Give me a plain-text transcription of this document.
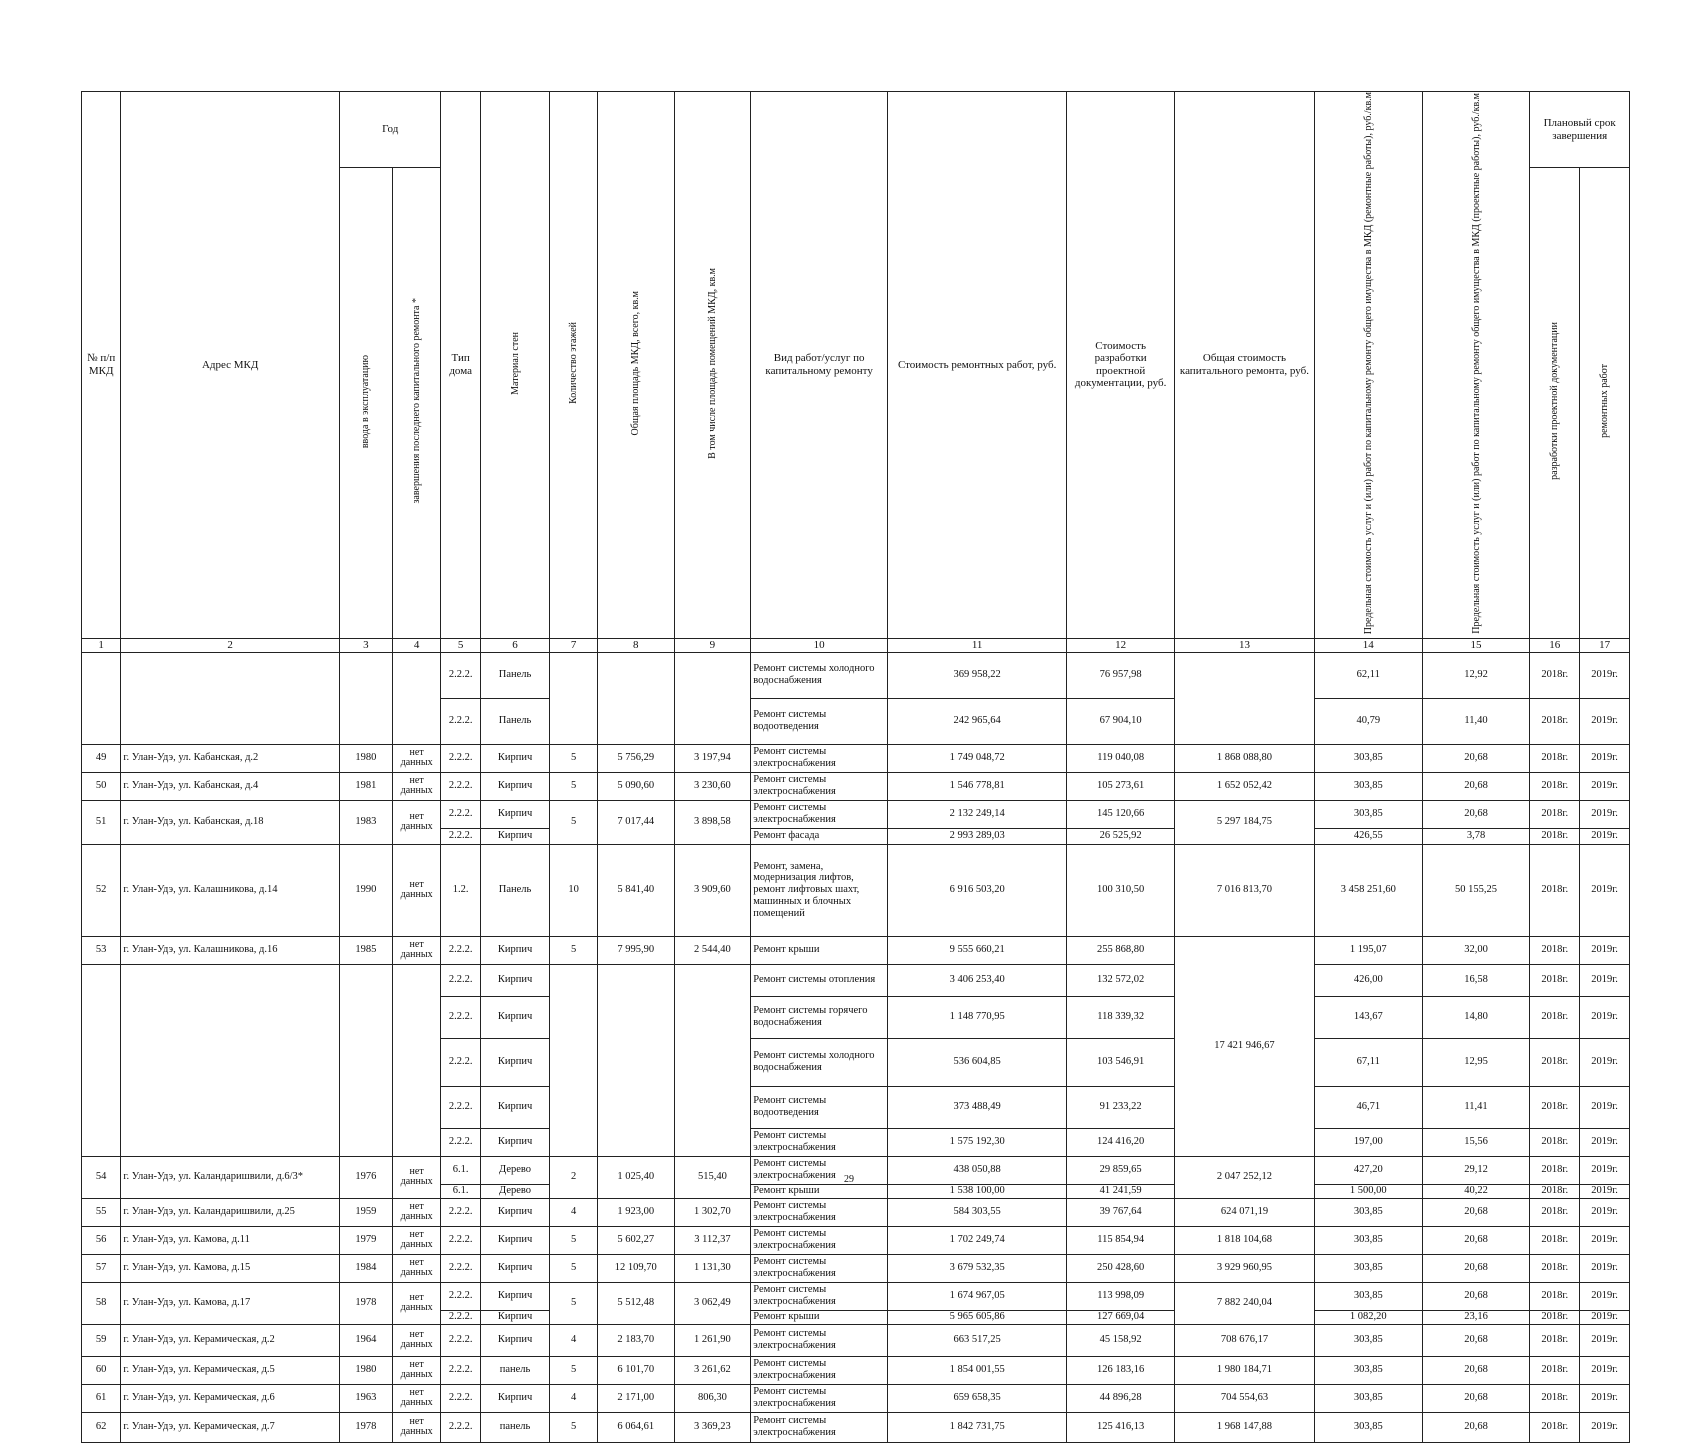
№ п/п МКД	Адрес МКД	Год		Тип дома	Материал стен	Количество этажей	Общая площадь МКД, всего, кв.м	В том числе площадь помещений МКД, кв.м	Вид работ/услуг по капитальному ремонту	Стоимость ремонтных работ, руб.	Стоимость разработки проектной документации, руб.	Общая стоимость капитального ремонта, руб.	Предельная стоимость услуг и (или) работ по капитальному ремонту общего имущества в МКД (ремонтные работы), руб./кв.м	Предельная стоимость услуг и (или) работ по капитальному ремонту общего имущества в МКД (проектные работы), руб./кв.м	Плановый срок завершения	
		ввода в эксплуатацию	завершения последнего капитального ремонта *												разработки проектной документации	ремонтных работ
1	2	3	4	5	6	7	8	9	10	11	12	13	14	15	16	17
				2.2.2.	Панель				Ремонт системы холодного водоснабжения	369 958,22	76 957,98		62,11	12,92	2018г.	2019г.
				2.2.2.	Панель				Ремонт системы водоотведения	242 965,64	67 904,10		40,79	11,40	2018г.	2019г.
49	г. Улан-Удэ, ул. Кабанская, д.2	1980	нет данных	2.2.2.	Кирпич	5	5 756,29	3 197,94	Ремонт системы электроснабжения	1 749 048,72	119 040,08	1 868 088,80	303,85	20,68	2018г.	2019г.
50	г. Улан-Удэ, ул. Кабанская, д.4	1981	нет данных	2.2.2.	Кирпич	5	5 090,60	3 230,60	Ремонт системы электроснабжения	1 546 778,81	105 273,61	1 652 052,42	303,85	20,68	2018г.	2019г.
51	г. Улан-Удэ, ул. Кабанская, д.18	1983	нет данных	2.2.2.	Кирпич	5	7 017,44	3 898,58	Ремонт системы электроснабжения	2 132 249,14	145 120,66	5 297 184,75	303,85	20,68	2018г.	2019г.
				2.2.2.	Кирпич				Ремонт фасада	2 993 289,03	26 525,92		426,55	3,78	2018г.	2019г.
52	г. Улан-Удэ, ул. Калашникова, д.14	1990	нет данных	1.2.	Панель	10	5 841,40	3 909,60	Ремонт, замена, модернизация лифтов, ремонт лифтовых шахт, машинных и блочных помещений	6 916 503,20	100 310,50	7 016 813,70	3 458 251,60	50 155,25	2018г.	2019г.
53	г. Улан-Удэ, ул. Калашникова, д.16	1985	нет данных	2.2.2.	Кирпич	5	7 995,90	2 544,40	Ремонт крыши	9 555 660,21	255 868,80	17 421 946,67	1 195,07	32,00	2018г.	2019г.
				2.2.2.	Кирпич				Ремонт системы отопления	3 406 253,40	132 572,02		426,00	16,58	2018г.	2019г.
				2.2.2.	Кирпич				Ремонт системы горячего водоснабжения	1 148 770,95	118 339,32		143,67	14,80	2018г.	2019г.
				2.2.2.	Кирпич				Ремонт системы холодного водоснабжения	536 604,85	103 546,91		67,11	12,95	2018г.	2019г.
				2.2.2.	Кирпич				Ремонт системы водоотведения	373 488,49	91 233,22		46,71	11,41	2018г.	2019г.
				2.2.2.	Кирпич				Ремонт системы электроснабжения	1 575 192,30	124 416,20		197,00	15,56	2018г.	2019г.
54	г. Улан-Удэ, ул. Каландаришвили, д.6/3*	1976	нет данных	6.1.	Дерево	2	1 025,40	515,40	Ремонт системы электроснабжения	438 050,88	29 859,65	2 047 252,12	427,20	29,12	2018г.	2019г.
				6.1.	Дерево				Ремонт крыши	1 538 100,00	41 241,59		1 500,00	40,22	2018г.	2019г.
55	г. Улан-Удэ, ул. Каландаришвили, д.25	1959	нет данных	2.2.2.	Кирпич	4	1 923,00	1 302,70	Ремонт системы электроснабжения	584 303,55	39 767,64	624 071,19	303,85	20,68	2018г.	2019г.
56	г. Улан-Удэ, ул. Камова, д.11	1979	нет данных	2.2.2.	Кирпич	5	5 602,27	3 112,37	Ремонт системы электроснабжения	1 702 249,74	115 854,94	1 818 104,68	303,85	20,68	2018г.	2019г.
57	г. Улан-Удэ, ул. Камова, д.15	1984	нет данных	2.2.2.	Кирпич	5	12 109,70	1 131,30	Ремонт системы электроснабжения	3 679 532,35	250 428,60	3 929 960,95	303,85	20,68	2018г.	2019г.
58	г. Улан-Удэ, ул. Камова, д.17	1978	нет данных	2.2.2.	Кирпич	5	5 512,48	3 062,49	Ремонт системы электроснабжения	1 674 967,05	113 998,09	7 882 240,04	303,85	20,68	2018г.	2019г.
				2.2.2.	Кирпич				Ремонт крыши	5 965 605,86	127 669,04		1 082,20	23,16	2018г.	2019г.
59	г. Улан-Удэ, ул. Керамическая, д.2	1964	нет данных	2.2.2.	Кирпич	4	2 183,70	1 261,90	Ремонт системы электроснабжения	663 517,25	45 158,92	708 676,17	303,85	20,68	2018г.	2019г.
60	г. Улан-Удэ, ул. Керамическая, д.5	1980	нет данных	2.2.2.	панель	5	6 101,70	3 261,62	Ремонт системы электроснабжения	1 854 001,55	126 183,16	1 980 184,71	303,85	20,68	2018г.	2019г.
61	г. Улан-Удэ, ул. Керамическая, д.6	1963	нет данных	2.2.2.	Кирпич	4	2 171,00	806,30	Ремонт системы электроснабжения	659 658,35	44 896,28	704 554,63	303,85	20,68	2018г.	2019г.
62	г. Улан-Удэ, ул. Керамическая, д.7	1978	нет данных	2.2.2.	панель	5	6 064,61	3 369,23	Ремонт системы электроснабжения	1 842 731,75	125 416,13	1 968 147,88	303,85	20,68	2018г.	2019г.
29
